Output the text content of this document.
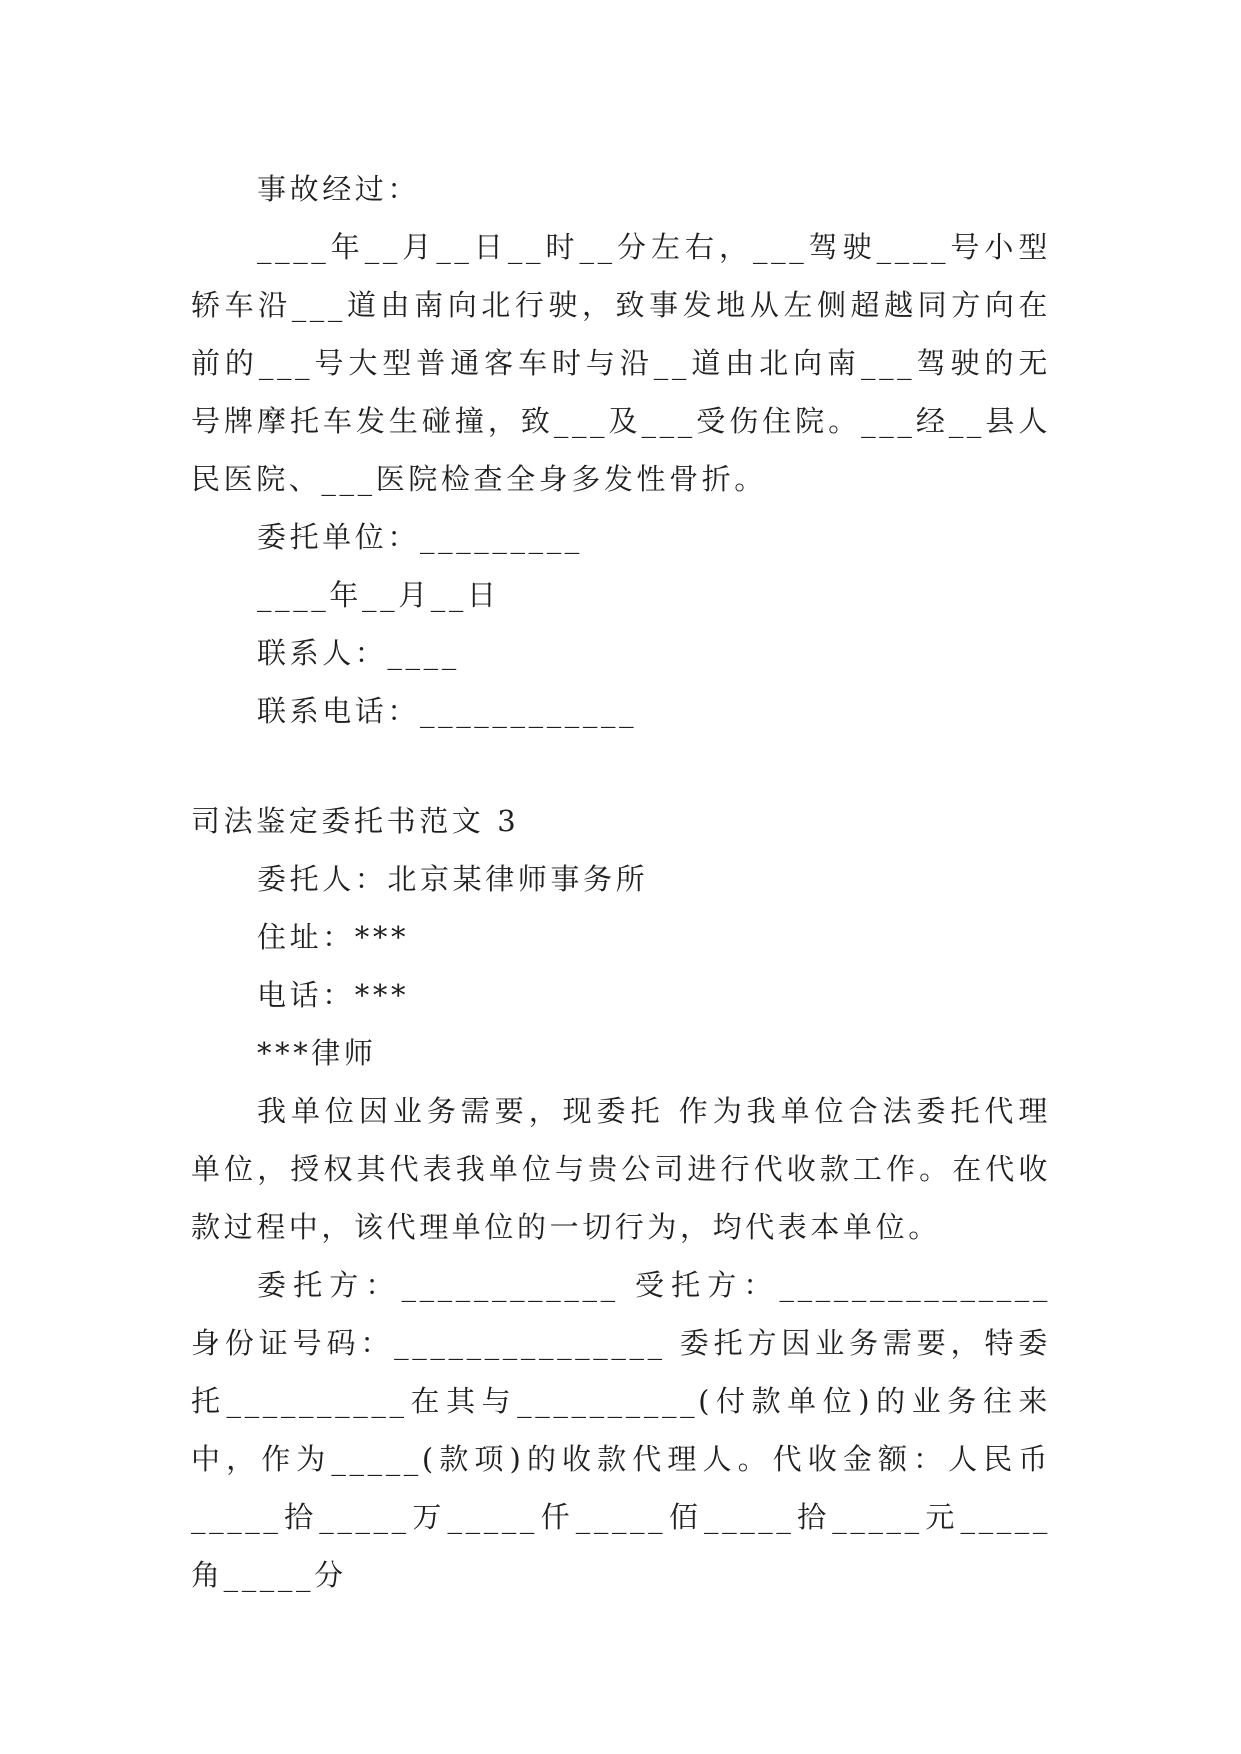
事故经过：

____年__月__日__时__分左右，___驾驶____号小型轿车沿___道由南向北行驶，致事发地从左侧超越同方向在前的___号大型普通客车时与沿__道由北向南___驾驶的无号牌摩托车发生碰撞，致___及___受伤住院。___经__县人民医院、___医院检查全身多发性骨折。

委托单位：_________

____年__月__日

联系人：____

联系电话：____________

司法鉴定委托书范文 3

委托人：北京某律师事务所

住址：***

电话：***

***律师

我单位因业务需要，现委托 作为我单位合法委托代理单位，授权其代表我单位与贵公司进行代收款工作。在代收款过程中，该代理单位的一切行为，均代表本单位。

委托方：____________ 受托方：_______________ 身份证号码：_______________ 委托方因业务需要，特委托__________在其与__________(付款单位)的业务往来中，作为_____(款项)的收款代理人。代收金额：人民币_____拾_____万_____仟_____佰_____拾_____元_____角_____分
